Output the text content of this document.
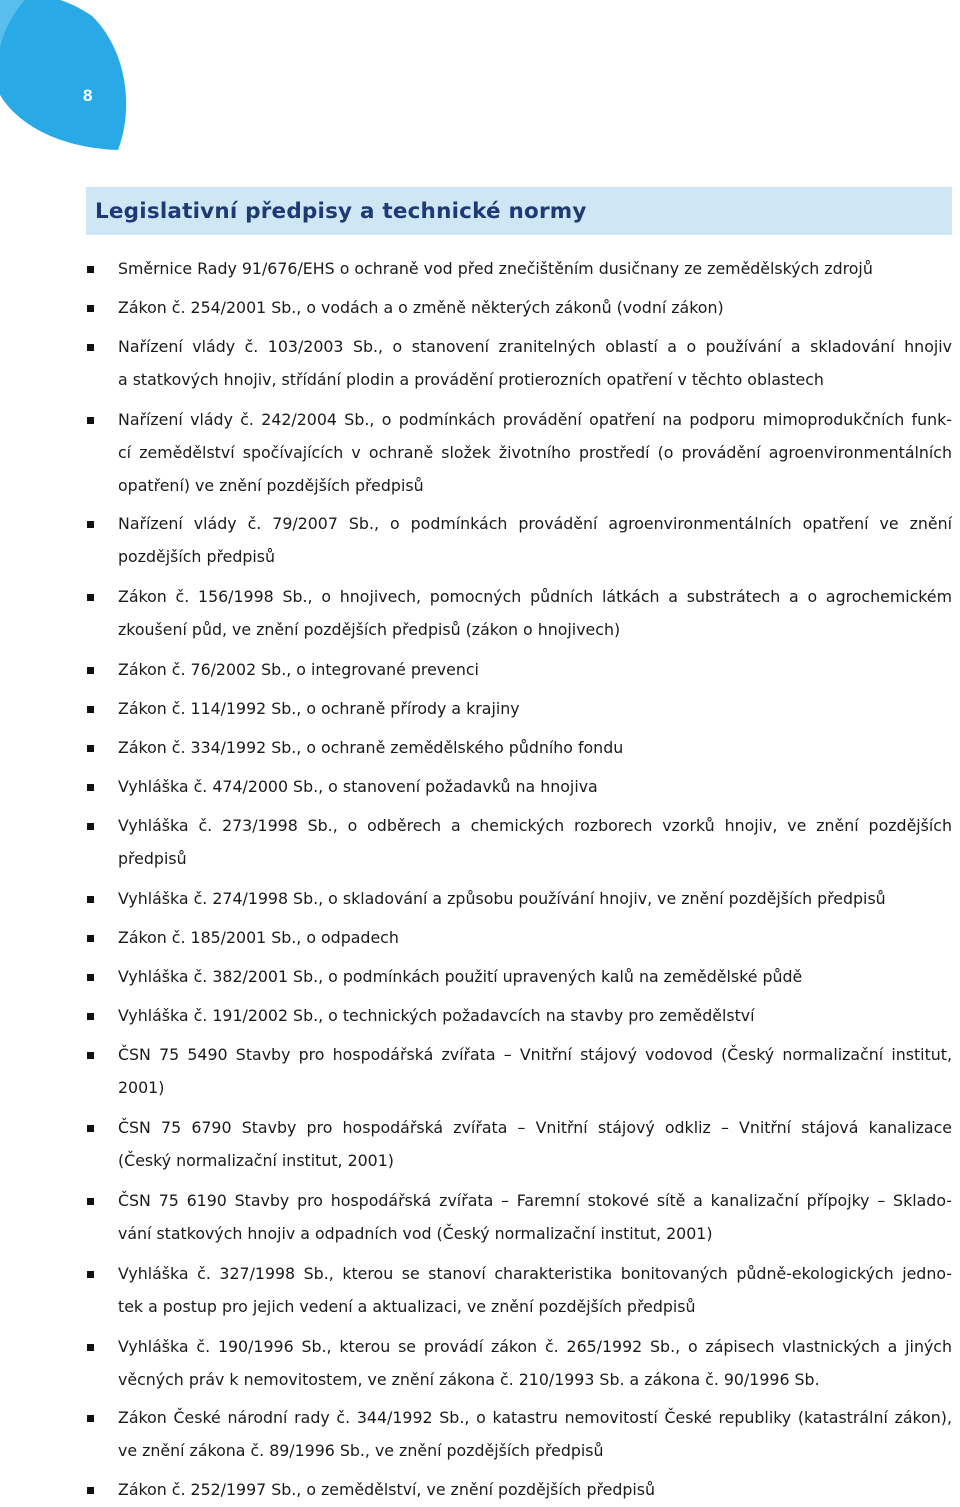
8
Legislativní předpisy a technické normy
Směrnice Rady 91/676/EHS o ochraně vod před znečištěním dusičnany ze zemědělských zdrojů
Zákon č. 254/2001 Sb., o vodách a o změně některých zákonů (vodní zákon)
Nařízení vlády č. 103/2003 Sb., o stanovení zranitelných oblastí a o používání a skladování hnojiv
a statkových hnojiv, střídání plodin a provádění protierozních opatření v těchto oblastech
Nařízení vlády č. 242/2004 Sb., o podmínkách provádění opatření na podporu mimoprodukčních funk-
cí zemědělství spočívajících v ochraně složek životního prostředí (o provádění agroenvironmentálních
opatření) ve znění pozdějších předpisů
Nařízení vlády č. 79/2007 Sb., o podmínkách provádění agroenvironmentálních opatření ve znění
pozdějších předpisů
Zákon č. 156/1998 Sb., o hnojivech, pomocných půdních látkách a substrátech a o agrochemickém
zkoušení půd, ve znění pozdějších předpisů (zákon o hnojivech)
Zákon č. 76/2002 Sb., o integrované prevenci
Zákon č. 114/1992 Sb., o ochraně přírody a krajiny
Zákon č. 334/1992 Sb., o ochraně zemědělského půdního fondu
Vyhláška č. 474/2000 Sb., o stanovení požadavků na hnojiva
Vyhláška č. 273/1998 Sb., o odběrech a chemických rozborech vzorků hnojiv, ve znění pozdějších
předpisů
Vyhláška č. 274/1998 Sb., o skladování a způsobu používání hnojiv, ve znění pozdějších předpisů
Zákon č. 185/2001 Sb., o odpadech
Vyhláška č. 382/2001 Sb., o podmínkách použití upravených kalů na zemědělské půdě
Vyhláška č. 191/2002 Sb., o technických požadavcích na stavby pro zemědělství
ČSN 75 5490 Stavby pro hospodářská zvířata – Vnitřní stájový vodovod (Český normalizační institut,
2001)
ČSN 75 6790 Stavby pro hospodářská zvířata – Vnitřní stájový odkliz – Vnitřní stájová kanalizace
(Český normalizační institut, 2001)
ČSN 75 6190 Stavby pro hospodářská zvířata – Faremní stokové sítě a kanalizační přípojky – Sklado-
vání statkových hnojiv a odpadních vod (Český normalizační institut, 2001)
Vyhláška č. 327/1998 Sb., kterou se stanoví charakteristika bonitovaných půdně-ekologických jedno-
tek a postup pro jejich vedení a aktualizaci, ve znění pozdějších předpisů
Vyhláška č. 190/1996 Sb., kterou se provádí zákon č. 265/1992 Sb., o zápisech vlastnických a jiných
věcných práv k nemovitostem, ve znění zákona č. 210/1993 Sb. a zákona č. 90/1996 Sb.
Zákon České národní rady č. 344/1992 Sb., o katastru nemovitostí České republiky (katastrální zákon),
ve znění zákona č. 89/1996 Sb., ve znění pozdějších předpisů
Zákon č. 252/1997 Sb., o zemědělství, ve znění pozdějších předpisů
